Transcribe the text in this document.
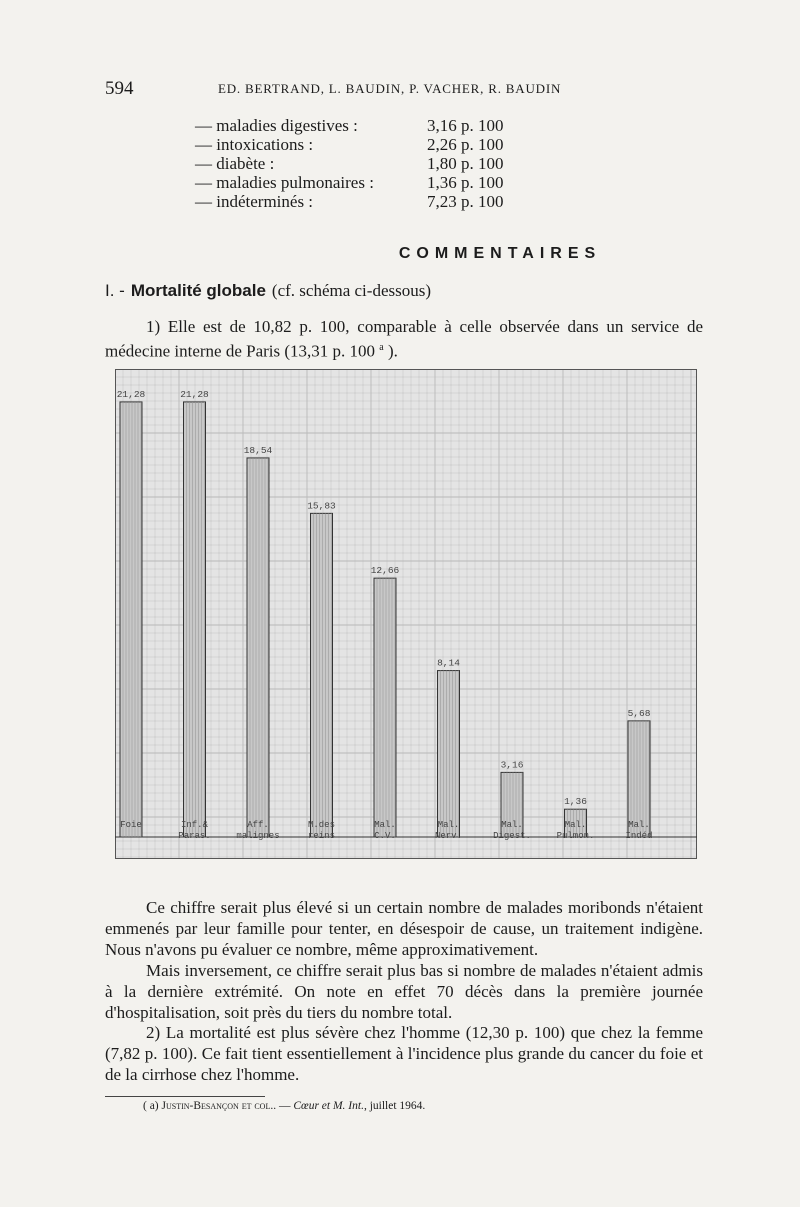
594	ED. BERTRAND, L. BAUDIN, P. VACHER, R. BAUDIN
— maladies digestives :	3,16 p. 100
— intoxications :	2,26 p. 100
— diabète :	1,80 p. 100
— maladies pulmonaires :	1,36 p. 100
— indéterminés :	7,23 p. 100
COMMENTAIRES
I. - Mortalité globale (cf. schéma ci-dessous)

1) Elle est de 10,82 p. 100, comparable à celle observée dans un service de médecine interne de Paris (13,31 p. 100 $^a$ ).

21,28
Foie
21,28
Inf.&
Paras.
18,54
Aff.
malignes
15,83
M.des
reins
12,66
Mal.
C.V.
8,14
Mal.
Nerv.
3,16
Mal.
Digest.
1,36
Mal.
Pulmon.
5,68
Mal.
Indéd

Ce chiffre serait plus élevé si un certain nombre de malades moribonds n'étaient emmenés par leur famille pour tenter, en désespoir de cause, un traitement indigène. Nous n'avons pu évaluer ce nombre, même approximativement.

Mais inversement, ce chiffre serait plus bas si nombre de malades n'étaient admis à la dernière extrémité. On note en effet 70 décès dans la première journée d'hospitalisation, soit près du tiers du nombre total.

2) La mortalité est plus sévère chez l'homme (12,30 p. 100) que chez la femme (7,82 p. 100). Ce fait tient essentiellement à l'incidence plus grande du cancer du foie et de la cirrhose chez l'homme.

( a) Justin-Besançon et col.. — Cœur et M. Int., juillet 1964.
